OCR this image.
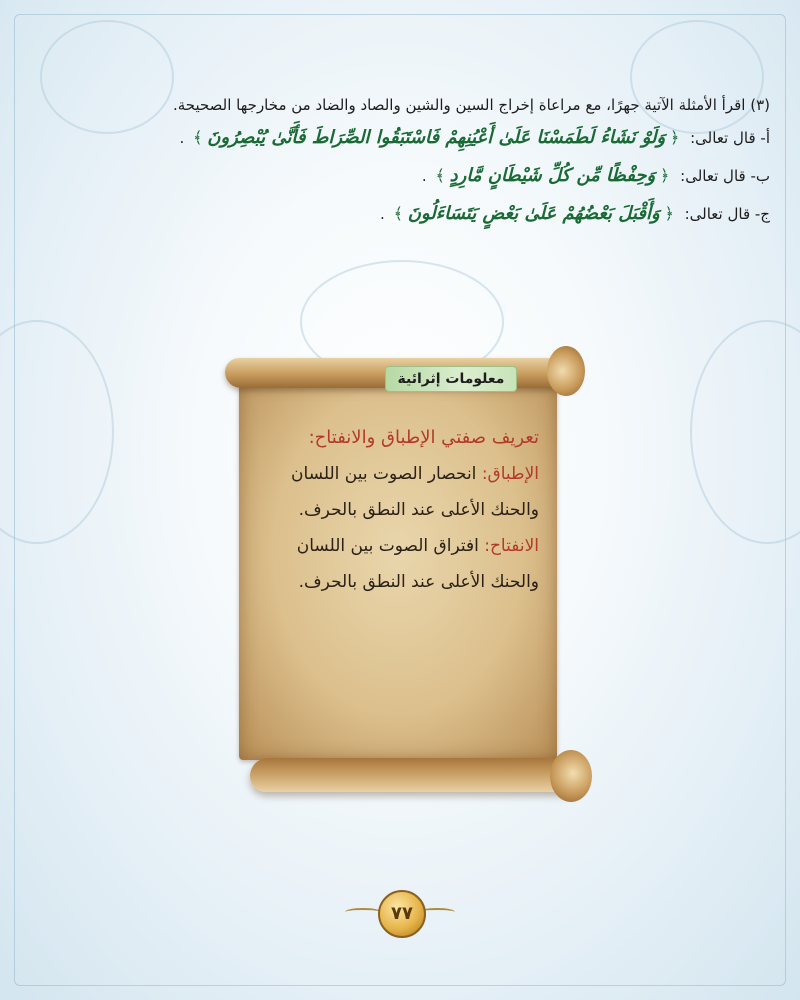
(٣) اقرأ الأمثلة الآتية جهرًا، مع مراعاة إخراج السين والشين والصاد والضاد من مخارجها الصحيحة.

أ- قال تعالى: ﴿ وَلَوْ نَشَاءُ لَطَمَسْنَا عَلَىٰ أَعْيُنِهِمْ فَاسْتَبَقُوا الصِّرَاطَ فَأَنَّىٰ يُبْصِرُونَ ﴾ .
ب- قال تعالى: ﴿ وَحِفْظًا مِّن كُلِّ شَيْطَانٍ مَّارِدٍ ﴾ .
ج- قال تعالى: ﴿ وَأَقْبَلَ بَعْضُهُمْ عَلَىٰ بَعْضٍ يَتَسَاءَلُونَ ﴾ .
معلومات إثرائية

تعريف صفتي الإطباق والانفتاح:

الإطباق: انحصار الصوت بين اللسان والحنك الأعلى عند النطق بالحرف.

الانفتاح: افتراق الصوت بين اللسان والحنك الأعلى عند النطق بالحرف.

٧٧
